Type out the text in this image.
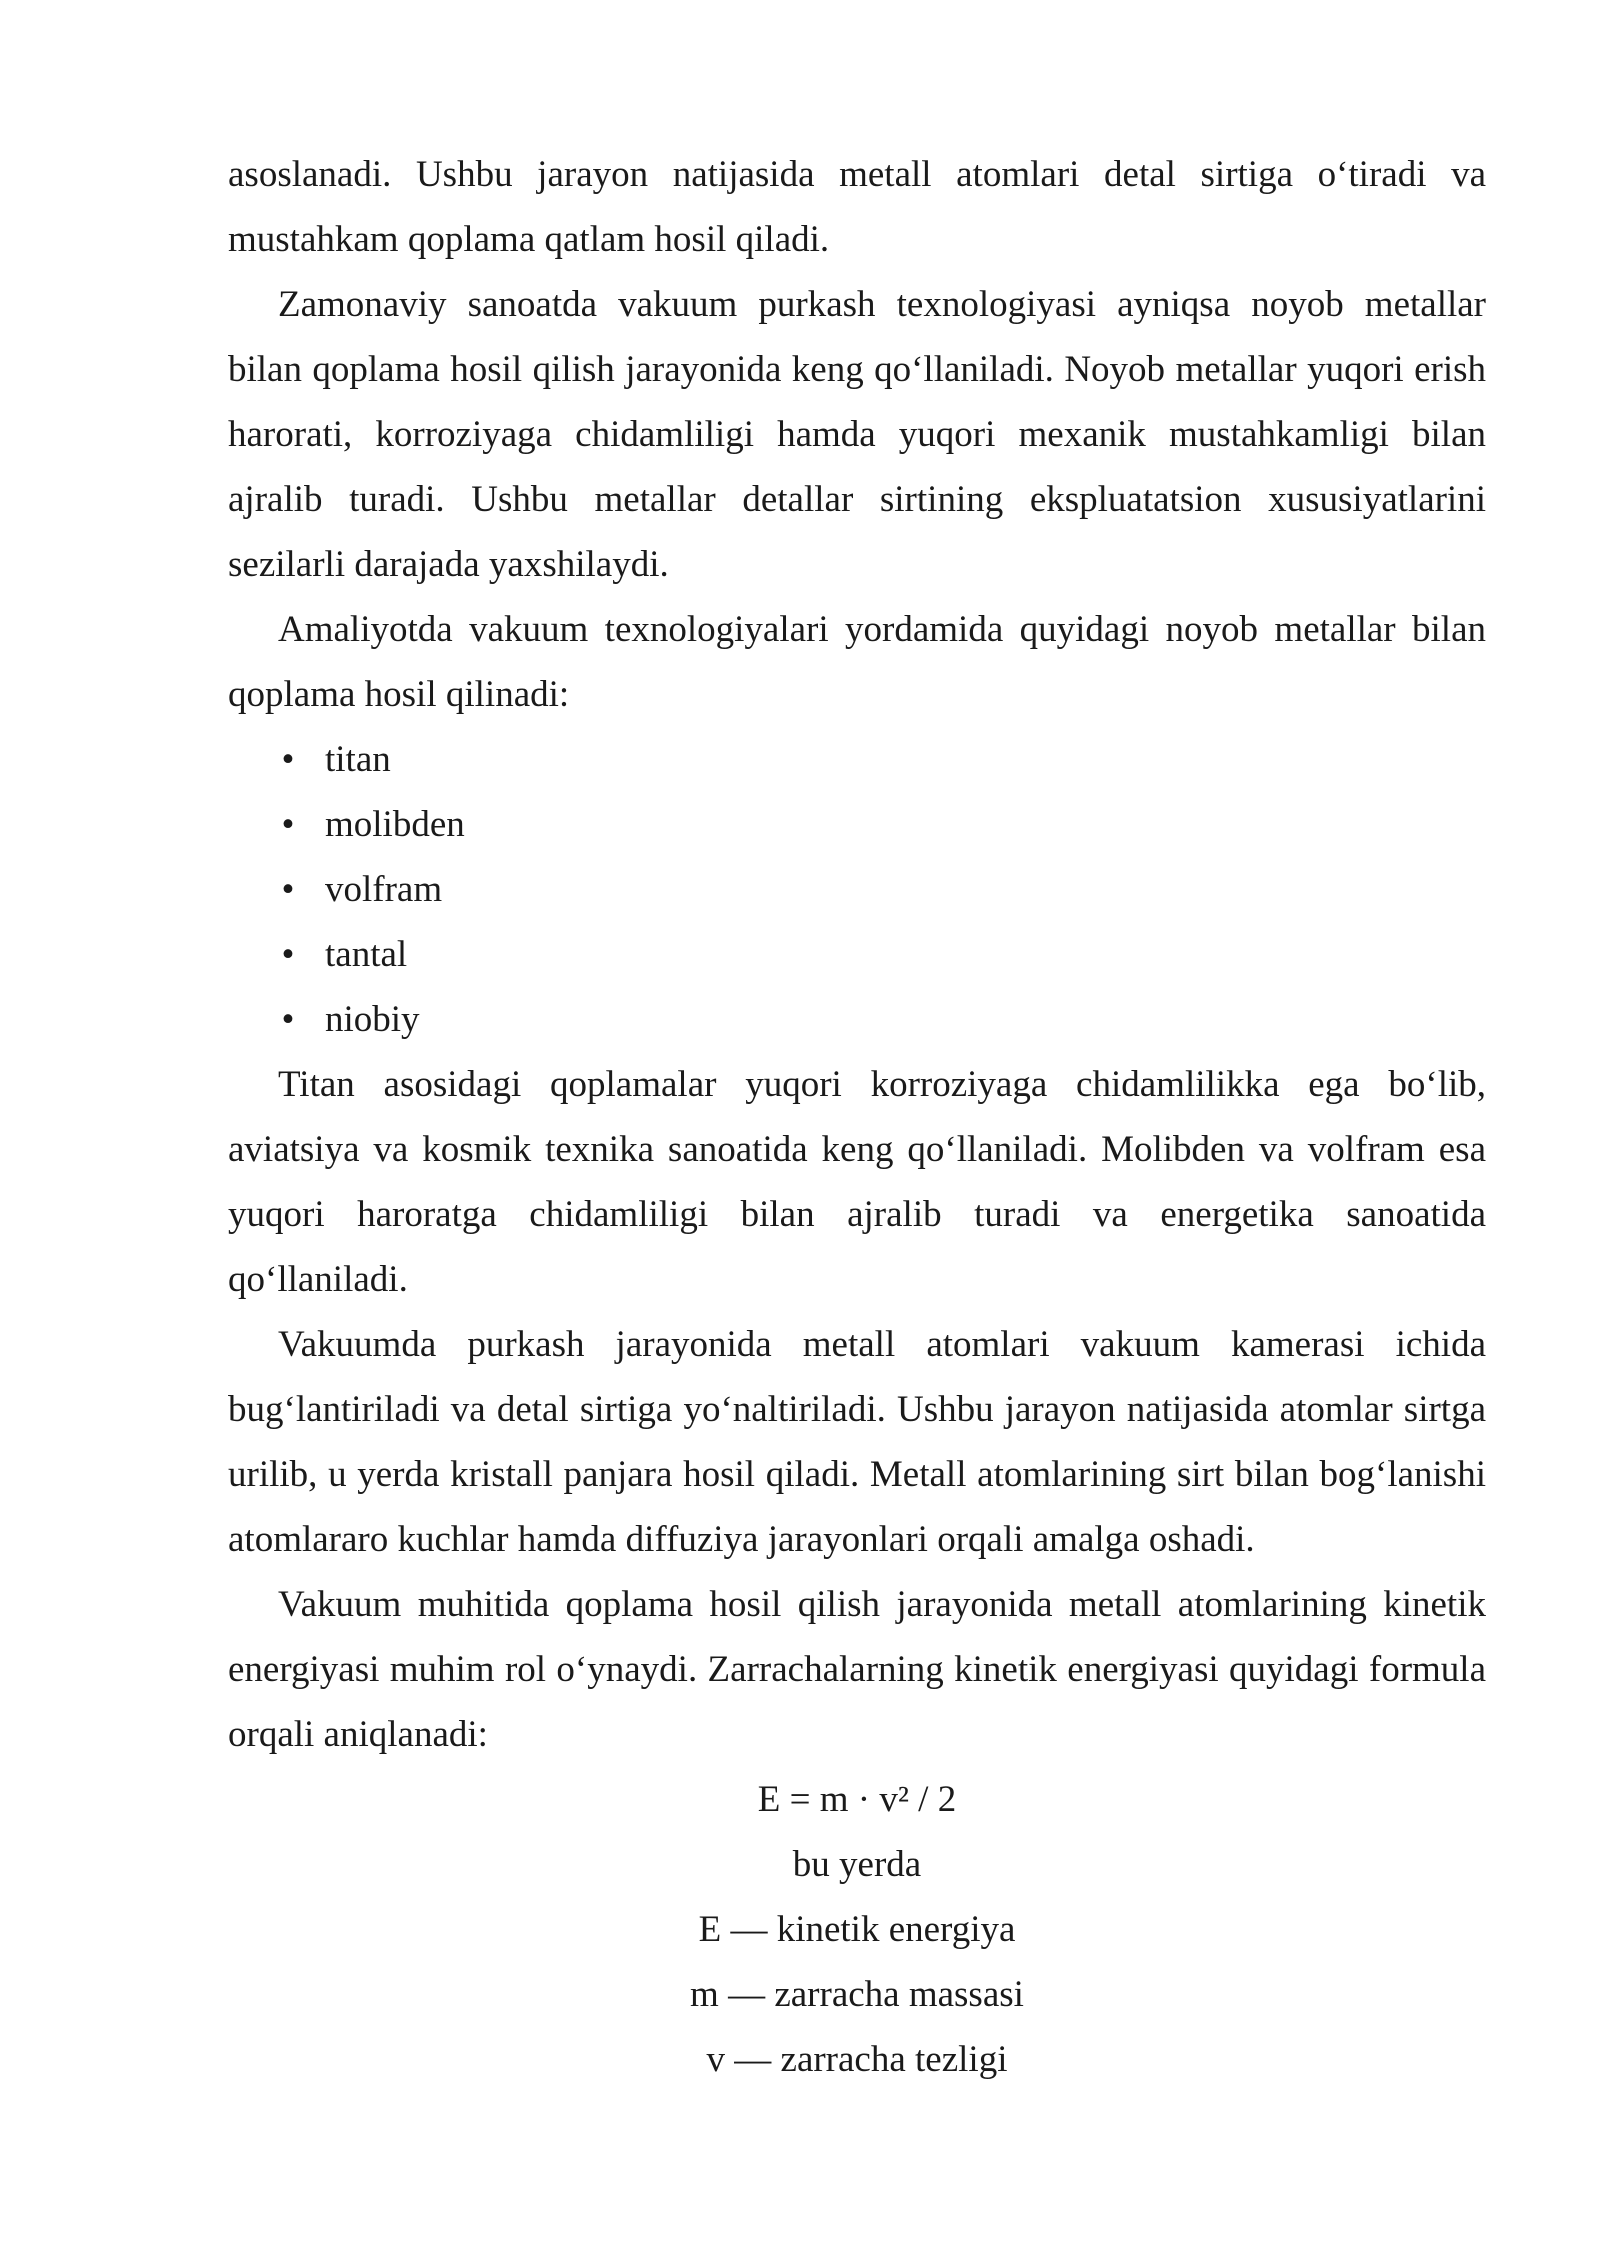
asoslanadi. Ushbu jarayon natijasida metall atomlari detal sirtiga o‘tiradi va mustahkam qoplama qatlam hosil qiladi.

Zamonaviy sanoatda vakuum purkash texnologiyasi ayniqsa noyob metallar bilan qoplama hosil qilish jarayonida keng qo‘llaniladi. Noyob metallar yuqori erish harorati, korroziyaga chidamliligi hamda yuqori mexanik mustahkamligi bilan ajralib turadi. Ushbu metallar detallar sirtining ekspluatatsion xususiyatlarini sezilarli darajada yaxshilaydi.

Amaliyotda vakuum texnologiyalari yordamida quyidagi noyob metallar bilan qoplama hosil qilinadi:

• titan
• molibden
• volfram
• tantal
• niobiy

Titan asosidagi qoplamalar yuqori korroziyaga chidamlilikka ega bo‘lib, aviatsiya va kosmik texnika sanoatida keng qo‘llaniladi. Molibden va volfram esa yuqori haroratga chidamliligi bilan ajralib turadi va energetika sanoatida qo‘llaniladi.

Vakuumda purkash jarayonida metall atomlari vakuum kamerasi ichida bug‘lantiriladi va detal sirtiga yo‘naltiriladi. Ushbu jarayon natijasida atomlar sirtga urilib, u yerda kristall panjara hosil qiladi. Metall atomlarining sirt bilan bog‘lanishi atomlararo kuchlar hamda diffuziya jarayonlari orqali amalga oshadi.

Vakuum muhitida qoplama hosil qilish jarayonida metall atomlarining kinetik energiyasi muhim rol o‘ynaydi. Zarrachalarning kinetik energiyasi quyidagi formula orqali aniqlanadi:

E = m · v² / 2

bu yerda

E — kinetik energiya

m — zarracha massasi

v — zarracha tezligi
